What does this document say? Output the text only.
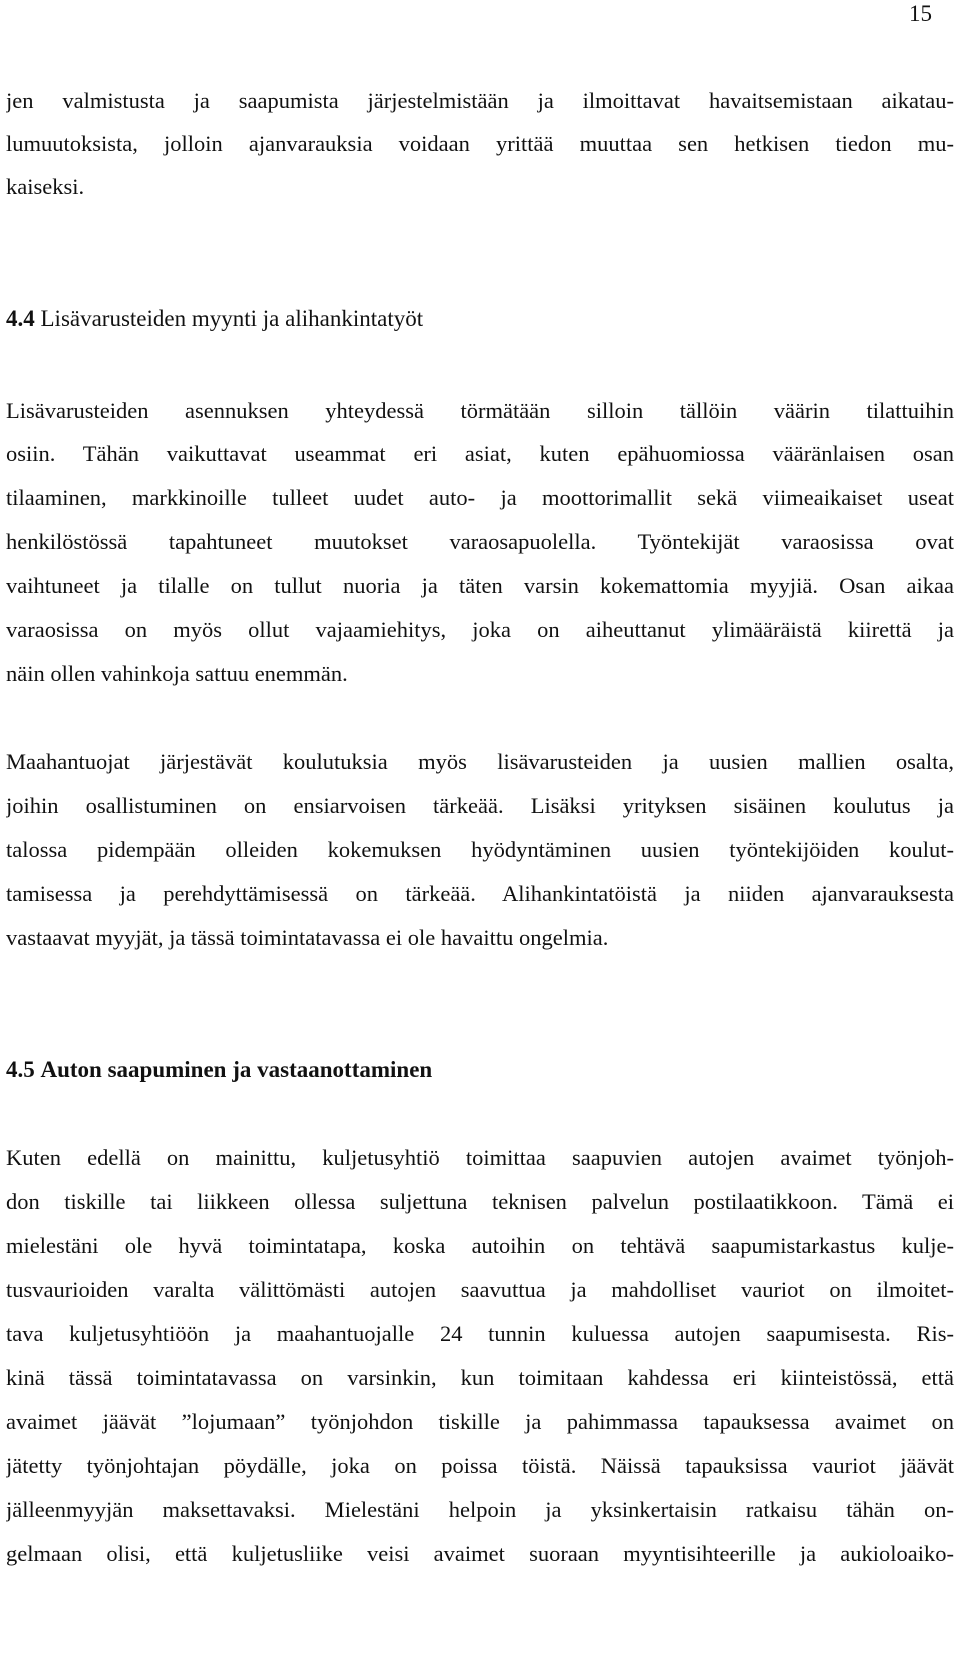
15
jen valmistusta ja saapumista järjestelmistään ja ilmoittavat havaitsemistaan aikatau-
lumuutoksista, jolloin ajanvarauksia voidaan yrittää muuttaa sen hetkisen tiedon mu-
kaiseksi.
4.4 Lisävarusteiden myynti ja alihankintatyöt
Lisävarusteiden asennuksen yhteydessä törmätään silloin tällöin väärin tilattuihin
osiin. Tähän vaikuttavat useammat eri asiat, kuten epähuomiossa vääränlaisen osan
tilaaminen, markkinoille tulleet uudet auto- ja moottorimallit sekä viimeaikaiset useat
henkilöstössä tapahtuneet muutokset varaosapuolella. Työntekijät varaosissa ovat
vaihtuneet ja tilalle on tullut nuoria ja täten varsin kokemattomia myyjiä. Osan aikaa
varaosissa on myös ollut vajaamiehitys, joka on aiheuttanut ylimääräistä kiirettä ja
näin ollen vahinkoja sattuu enemmän.
Maahantuojat järjestävät koulutuksia myös lisävarusteiden ja uusien mallien osalta,
joihin osallistuminen on ensiarvoisen tärkeää. Lisäksi yrityksen sisäinen koulutus ja
talossa pidempään olleiden kokemuksen hyödyntäminen uusien työntekijöiden koulut-
tamisessa ja perehdyttämisessä on tärkeää. Alihankintatöistä ja niiden ajanvarauksesta
vastaavat myyjät, ja tässä toimintatavassa ei ole havaittu ongelmia.
4.5 Auton saapuminen ja vastaanottaminen
Kuten edellä on mainittu, kuljetusyhtiö toimittaa saapuvien autojen avaimet työnjoh-
don tiskille tai liikkeen ollessa suljettuna teknisen palvelun postilaatikkoon. Tämä ei
mielestäni ole hyvä toimintatapa, koska autoihin on tehtävä saapumistarkastus kulje-
tusvaurioiden varalta välittömästi autojen saavuttua ja mahdolliset vauriot on ilmoitet-
tava kuljetusyhtiöön ja maahantuojalle 24 tunnin kuluessa autojen saapumisesta. Ris-
kinä tässä toimintatavassa on varsinkin, kun toimitaan kahdessa eri kiinteistössä, että
avaimet jäävät ”lojumaan” työnjohdon tiskille ja pahimmassa tapauksessa avaimet on
jätetty työnjohtajan pöydälle, joka on poissa töistä. Näissä tapauksissa vauriot jäävät
jälleenmyyjän maksettavaksi. Mielestäni helpoin ja yksinkertaisin ratkaisu tähän on-
gelmaan olisi, että kuljetusliike veisi avaimet suoraan myyntisihteerille ja aukioloaiko-
